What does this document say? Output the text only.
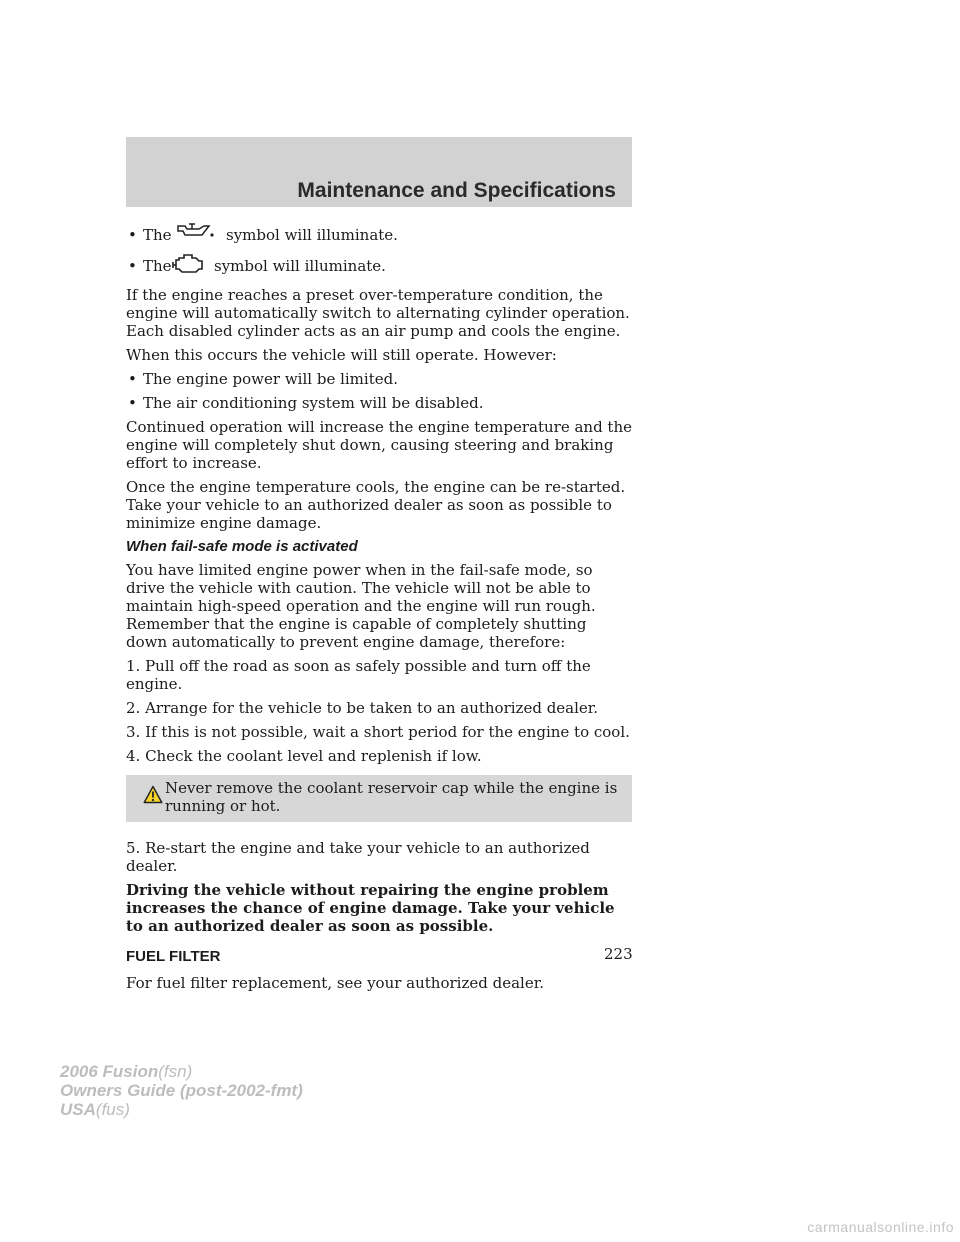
Maintenance and Specifications
• The	symbol will illuminate.
• The	symbol will illuminate.

If the engine reaches a preset over-temperature condition, the engine will automatically switch to alternating cylinder operation. Each disabled cylinder acts as an air pump and cools the engine.

When this occurs the vehicle will still operate. However:

• The engine power will be limited.
• The air conditioning system will be disabled.

Continued operation will increase the engine temperature and the engine will completely shut down, causing steering and braking effort to increase.

Once the engine temperature cools, the engine can be re-started. Take your vehicle to an authorized dealer as soon as possible to minimize engine damage.

When fail-safe mode is activated

You have limited engine power when in the fail-safe mode, so drive the vehicle with caution. The vehicle will not be able to maintain high-speed operation and the engine will run rough. Remember that the engine is capable of completely shutting down automatically to prevent engine damage, therefore:

1. Pull off the road as soon as safely possible and turn off the engine.

2. Arrange for the vehicle to be taken to an authorized dealer.

3. If this is not possible, wait a short period for the engine to cool.

4. Check the coolant level and replenish if low.

Never remove the coolant reservoir cap while the engine is running or hot.

5. Re-start the engine and take your vehicle to an authorized dealer.

Driving the vehicle without repairing the engine problem increases the chance of engine damage. Take your vehicle to an authorized dealer as soon as possible.

FUEL FILTER

For fuel filter replacement, see your authorized dealer.

223
2006 Fusion(fsn)
Owners Guide (post-2002-fmt)
USA(fus)
carmanualsonline.info
